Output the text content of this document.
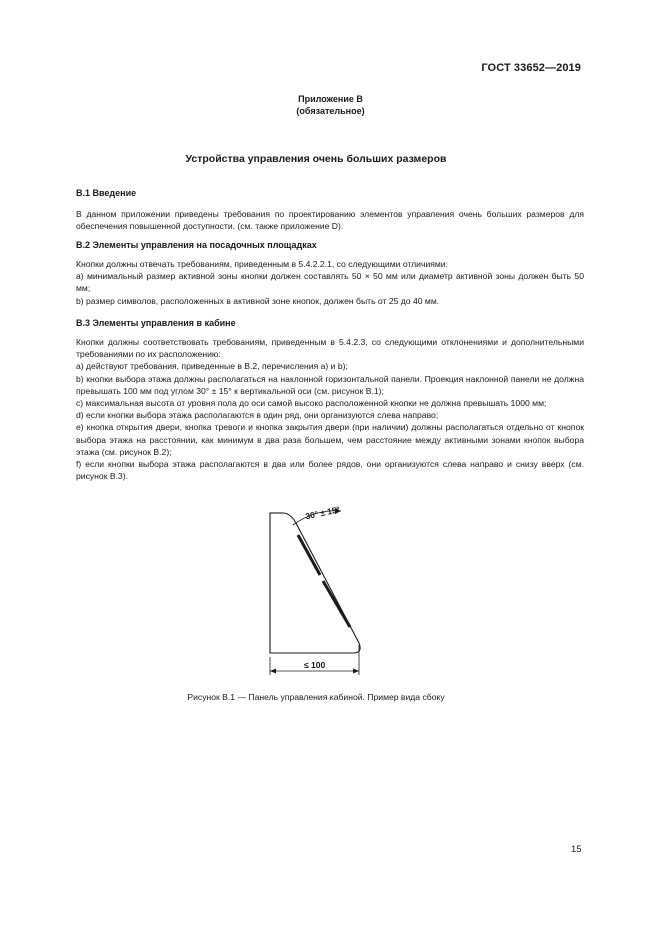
ГОСТ 33652—2019
Приложение В
(обязательное)
Устройства управления очень больших размеров
В.1 Введение

В данном приложении приведены требования по проектированию элементов управления очень больших размеров для обеспечения повышенной доступности. (см. также приложение D).

В.2 Элементы управления на посадочных площадках

Кнопки должны отвечать требованиям, приведенным в 5.4.2.2.1, со следующими отличиями:

а) минимальный размер активной зоны кнопки должен составлять 50 × 50 мм или диаметр активной зоны должен быть 50 мм;

b) размер символов, расположенных в активной зоне кнопок, должен быть от 25 до 40 мм.

В.3 Элементы управления в кабине

Кнопки должны соответствовать требованиям, приведенным в 5.4.2.3, со следующими отклонениями и дополнительными требованиями по их расположению:

а) действуют требования, приведенные в В.2, перечисления а) и b);

b) кнопки выбора этажа должны располагаться на наклонной горизонтальной панели. Проекция наклонной панели не должна превышать 100 мм под углом 30° ± 15° к вертикальной оси (см. рисунок В.1);

c) максимальная высота от уровня пола до оси самой высоко расположенной кнопки не должна превышать 1000 мм;

d) если кнопки выбора этажа располагаются в один ряд, они организуются слева направо;

e) кнопка открытия двери, кнопка тревоги и кнопка закрытия двери (при наличии) должны располагаться отдельно от кнопок выбора этажа на расстоянии, как минимум в два раза большем, чем расстояние между активными зонами кнопок выбора этажа (см. рисунок В.2);

f) если кнопки выбора этажа располагаются в два или более рядов, они организуются слева направо и снизу вверх (см. рисунок В.3).

30° ± 15°
≤ 100
Рисунок В.1 — Панель управления кабиной. Пример вида сбоку
15
